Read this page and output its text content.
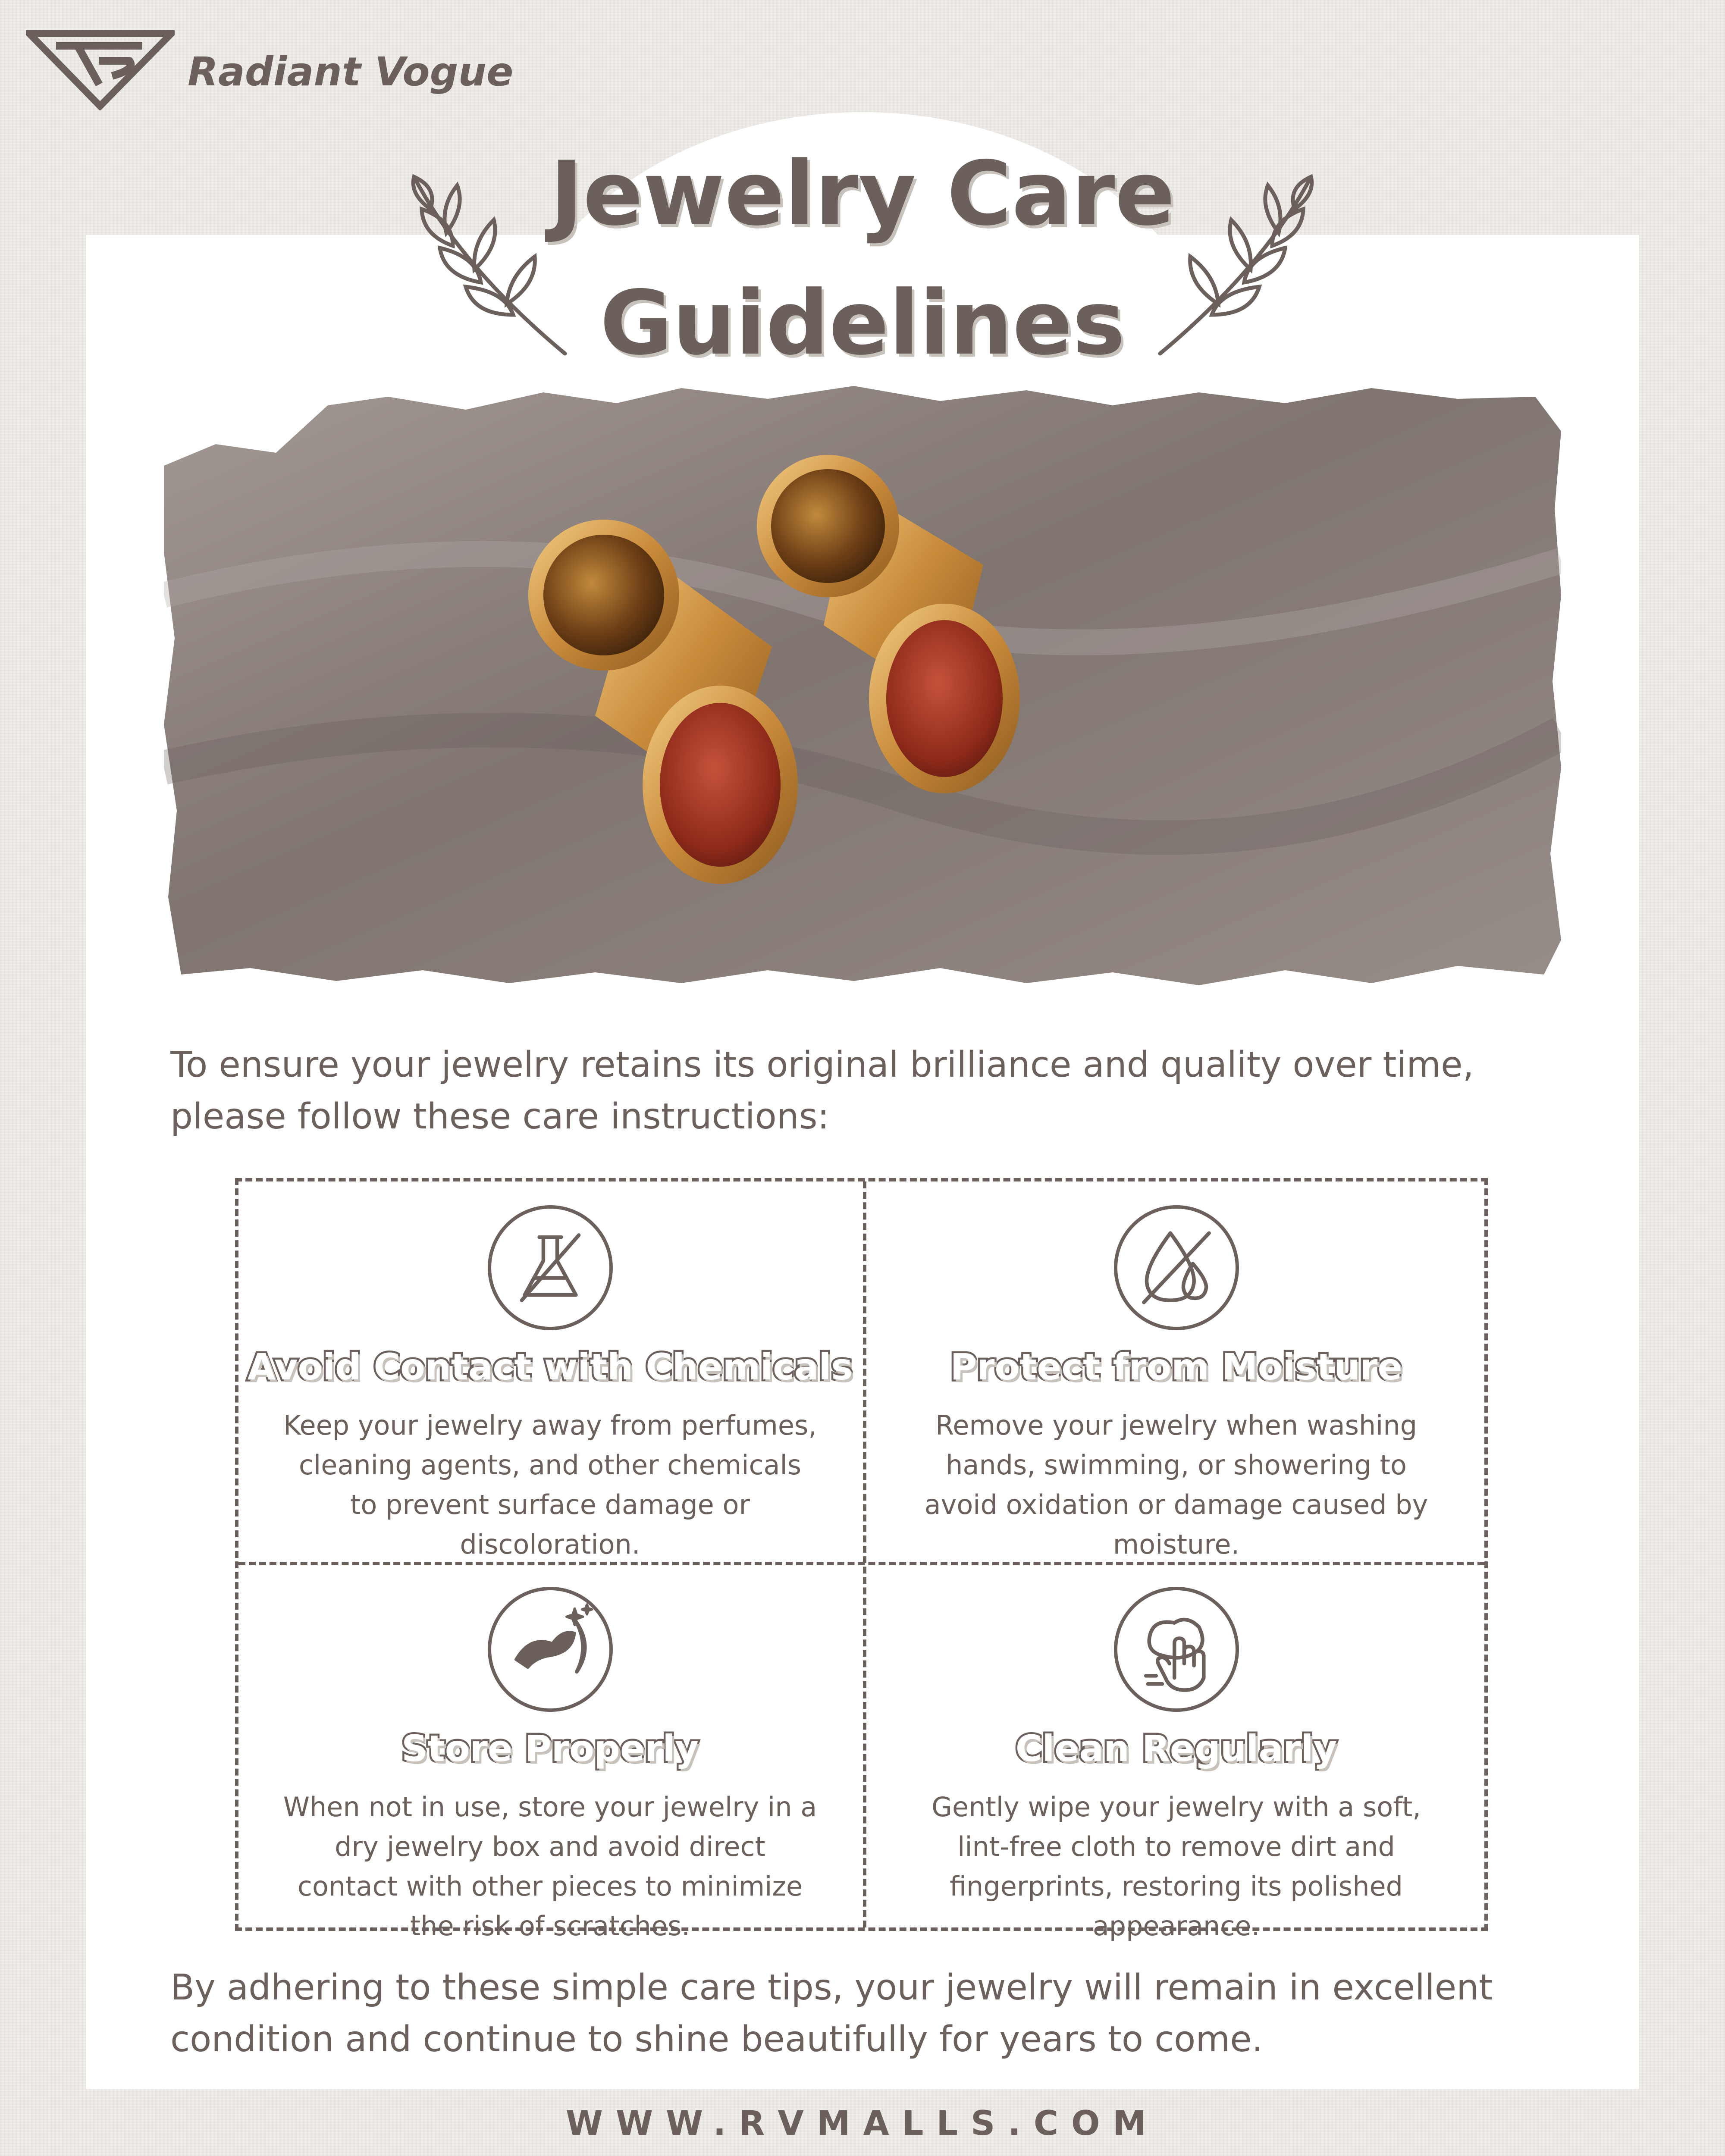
Radiant Vogue
Jewelry Care
Guidelines

To ensure your jewelry retains its original brilliance and quality over time, please follow these care instructions:

Avoid Contact with Chemicals

Keep your jewelry away from perfumes, cleaning agents, and other chemicals to prevent surface damage or discoloration.

Protect from Moisture

Remove your jewelry when washing hands, swimming, or showering to avoid oxidation or damage caused by moisture.

Store Properly

When not in use, store your jewelry in a dry jewelry box and avoid direct contact with other pieces to minimize the risk of scratches.

Clean Regularly

Gently wipe your jewelry with a soft, lint-free cloth to remove dirt and fingerprints, restoring its polished appearance.

By adhering to these simple care tips, your jewelry will remain in excellent condition and continue to shine beautifully for years to come.

WWW.RVMALLS.COM
